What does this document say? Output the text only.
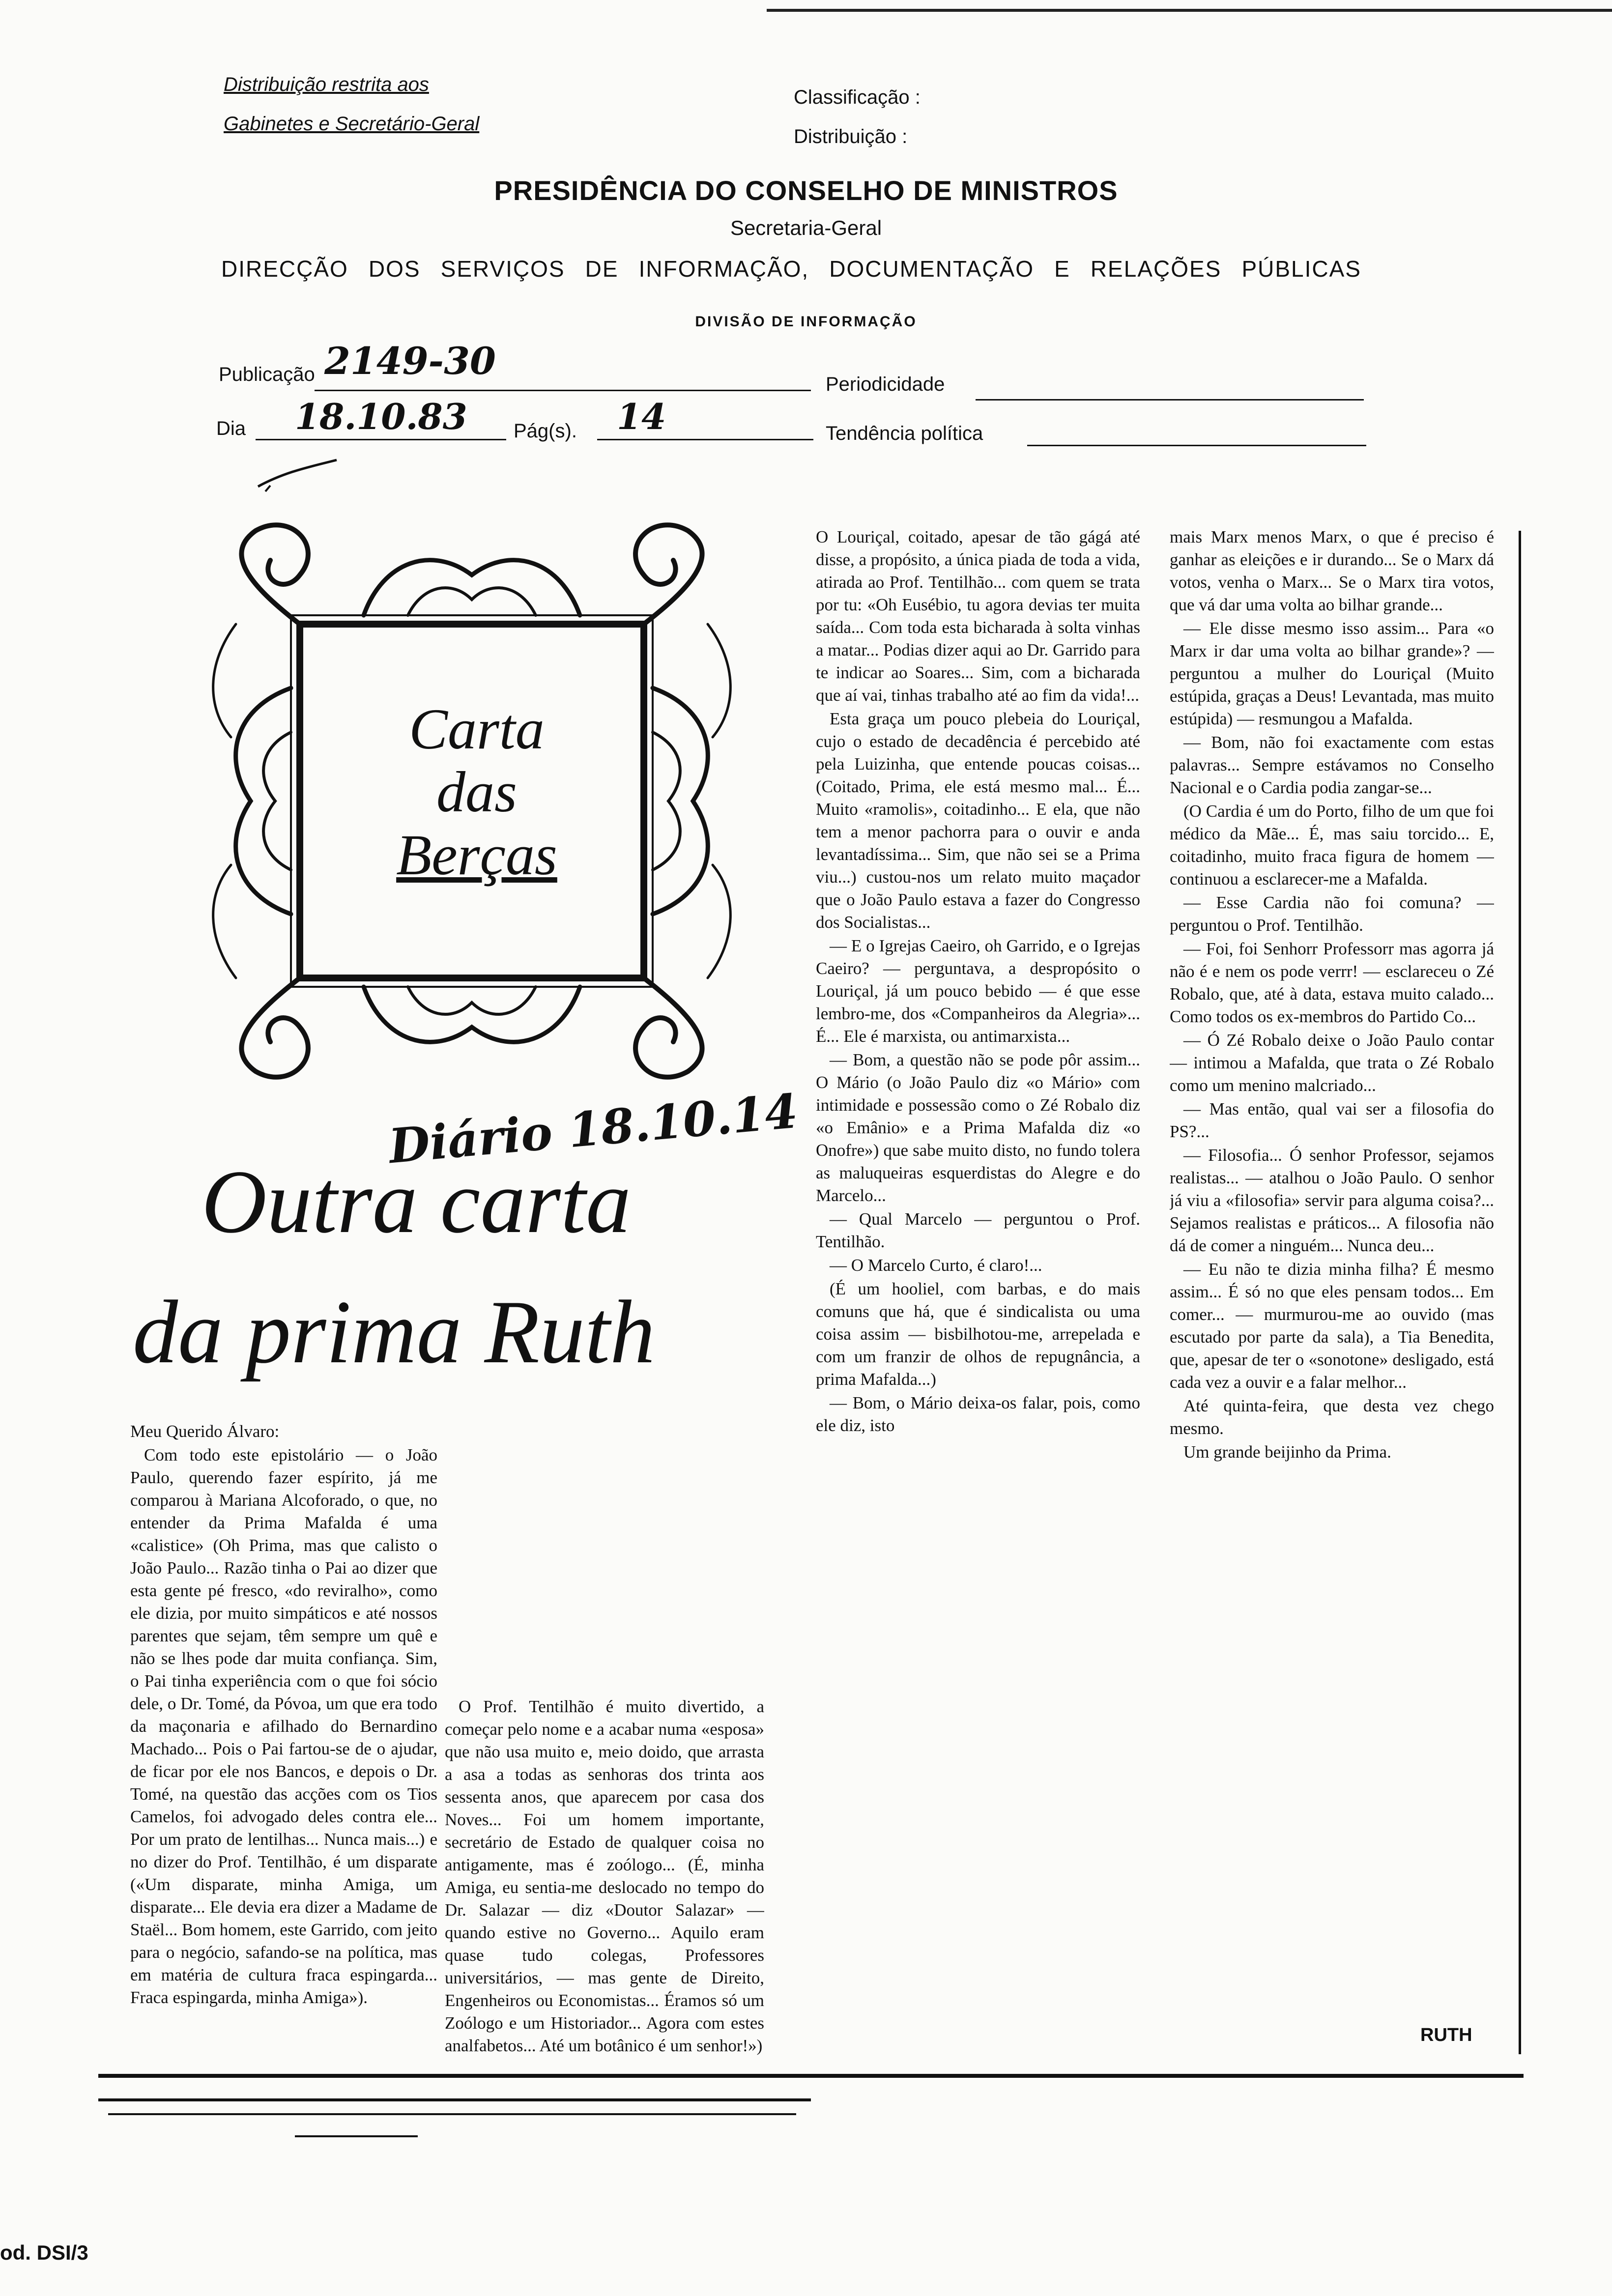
Distribuição restrita aos
Gabinetes e Secretário-Geral
Classificação :
Distribuição :
PRESIDÊNCIA DO CONSELHO DE MINISTROS
Secretaria-Geral
DIRECÇÃO DOS SERVIÇOS DE INFORMAÇÃO, DOCUMENTAÇÃO E RELAÇÕES PÚBLICAS
DIVISÃO DE INFORMAÇÃO
Publicação 2149-30
Periodicidade
Dia 18.10.83 Pág(s). 14	Tendência política
Carta
das
Berças
Diário 18.10.14
Outra carta
da prima Ruth

Meu Querido Álvaro:

Com todo este epistolário — o João Paulo, querendo fazer espírito, já me comparou à Mariana Alcoforado, o que, no entender da Prima Mafalda é uma «calistice» (Oh Prima, mas que calisto o João Paulo... Razão tinha o Pai ao dizer que esta gente pé fresco, «do reviralho», como ele dizia, por muito simpáticos e até nossos parentes que sejam, têm sempre um quê e não se lhes pode dar muita confiança. Sim, o Pai tinha experiência com o que foi sócio dele, o Dr. Tomé, da Póvoa, um que era todo da maçonaria e afilhado do Bernardino Machado... Pois o Pai fartou-se de o ajudar, de ficar por ele nos Bancos, e depois o Dr. Tomé, na questão das acções com os Tios Camelos, foi advogado deles contra ele... Por um prato de lentilhas... Nunca mais...) e no dizer do Prof. Tentilhão, é um disparate («Um disparate, minha Amiga, um disparate... Ele devia era dizer a Madame de Staël... Bom homem, este Garrido, com jeito para o negócio, safando-se na política, mas em matéria de cultura fraca espingarda... Fraca espingarda, minha Amiga»).

O Prof. Tentilhão é muito divertido, a começar pelo nome e a acabar numa «esposa» que não usa muito e, meio doido, que arrasta a asa a todas as senhoras dos trinta aos sessenta anos, que aparecem por casa dos Noves... Foi um homem importante, secretário de Estado de qualquer coisa no antigamente, mas é zoólogo... (É, minha Amiga, eu sentia-me deslocado no tempo do Dr. Salazar — diz «Doutor Salazar» — quando estive no Governo... Aquilo eram quase tudo colegas, Professores universitários, — mas gente de Direito, Engenheiros ou Economistas... Éramos só um Zoólogo e um Historiador... Agora com estes analfabetos... Até um botânico é um senhor!»)

O Louriçal, coitado, apesar de tão gágá até disse, a propósito, a única piada de toda a vida, atirada ao Prof. Tentilhão... com quem se trata por tu: «Oh Eusébio, tu agora devias ter muita saída... Com toda esta bicharada à solta vinhas a matar... Podias dizer aqui ao Dr. Garrido para te indicar ao Soares... Sim, com a bicharada que aí vai, tinhas trabalho até ao fim da vida!...

Esta graça um pouco plebeia do Louriçal, cujo o estado de decadência é percebido até pela Luizinha, que entende poucas coisas... (Coitado, Prima, ele está mesmo mal... É... Muito «ramolis», coitadinho... E ela, que não tem a menor pachorra para o ouvir e anda levantadíssima... Sim, que não sei se a Prima viu...) custou-nos um relato muito maçador que o João Paulo estava a fazer do Congresso dos Socialistas...

— E o Igrejas Caeiro, oh Garrido, e o Igrejas Caeiro? — perguntava, a despropósito o Louriçal, já um pouco bebido — é que esse lembro-me, dos «Companheiros da Alegria»... É... Ele é marxista, ou antimarxista...

— Bom, a questão não se pode pôr assim... O Mário (o João Paulo diz «o Mário» com intimidade e possessão como o Zé Robalo diz «o Emânio» e a Prima Mafalda diz «o Onofre») que sabe muito disto, no fundo tolera as maluqueiras esquerdistas do Alegre e do Marcelo...

— Qual Marcelo — perguntou o Prof. Tentilhão.

— O Marcelo Curto, é claro!...

(É um hooliel, com barbas, e do mais comuns que há, que é sindicalista ou uma coisa assim — bisbilhotou-me, arrepelada e com um franzir de olhos de repugnância, a prima Mafalda...)

— Bom, o Mário deixa-os falar, pois, como ele diz, isto

mais Marx menos Marx, o que é preciso é ganhar as eleições e ir durando... Se o Marx dá votos, venha o Marx... Se o Marx tira votos, que vá dar uma volta ao bilhar grande...

— Ele disse mesmo isso assim... Para «o Marx ir dar uma volta ao bilhar grande»? — perguntou a mulher do Louriçal (Muito estúpida, graças a Deus! Levantada, mas muito estúpida) — resmungou a Mafalda.

— Bom, não foi exactamente com estas palavras... Sempre estávamos no Conselho Nacional e o Cardia podia zangar-se...

(O Cardia é um do Porto, filho de um que foi médico da Mãe... É, mas saiu torcido... E, coitadinho, muito fraca figura de homem — continuou a esclarecer-me a Mafalda.

— Esse Cardia não foi comuna? — perguntou o Prof. Tentilhão.

— Foi, foi Senhorr Professorr mas agorra já não é e nem os pode verrr! — esclareceu o Zé Robalo, que, até à data, estava muito calado... Como todos os ex-membros do Partido Co...

— Ó Zé Robalo deixe o João Paulo contar — intimou a Mafalda, que trata o Zé Robalo como um menino malcriado...

— Mas então, qual vai ser a filosofia do PS?...

— Filosofia... Ó senhor Professor, sejamos realistas... — atalhou o João Paulo. O senhor já viu a «filosofia» servir para alguma coisa?... Sejamos realistas e práticos... A filosofia não dá de comer a ninguém... Nunca deu...

— Eu não te dizia minha filha? É mesmo assim... É só no que eles pensam todos... Em comer... — murmurou-me ao ouvido (mas escutado por parte da sala), a Tia Benedita, que, apesar de ter o «sonotone» desligado, está cada vez a ouvir e a falar melhor...

Até quinta-feira, que desta vez chego mesmo.

Um grande beijinho da Prima.

RUTH
od. DSI/3
